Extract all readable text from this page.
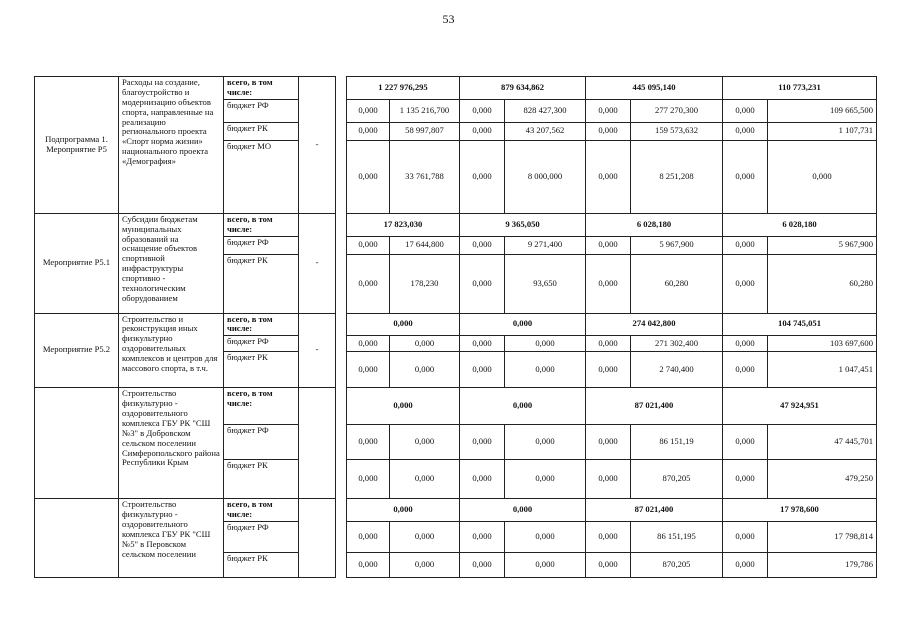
53
Подпрограмма 1. Мероприятие Р5	Расходы на создание, благоустройство и модернизацию объектов спорта, направленные на реализацию регионального проекта «Спорт норма жизни» национального проекта «Демография»	всего, в том числе:	-		1 227 976,295		879 634,862		445 095,140		110 773,231	
		бюджет РФ			0,000	1 135 216,700	0,000	828 427,300	0,000	277 270,300	0,000	109 665,500
		бюджет РК			0,000	58 997,807	0,000	43 207,562	0,000	159 573,632	0,000	1 107,731
		бюджет МО			0,000	33 761,788	0,000	8 000,000	0,000	8 251,208	0,000	0,000
Мероприятие Р5.1	Субсидии бюджетам муниципальных образований на оснащение объектов спортивной инфраструктуры спортивно - технологическим оборудованием	всего, в том числе:	-		17 823,030		9 365,050		6 028,180		6 028,180	
		бюджет РФ			0,000	17 644,800	0,000	9 271,400	0,000	5 967,900	0,000	5 967,900
		бюджет РК			0,000	178,230	0,000	93,650	0,000	60,280	0,000	60,280
Мероприятие Р5.2	Строительство и реконструкция иных физкультурно оздоровительных комплексов и центров для массового спорта, в т.ч.	всего, в том числе:	-		0,000		0,000		274 042,800		104 745,051	
		бюджет РФ			0,000	0,000	0,000	0,000	0,000	271 302,400	0,000	103 697,600
		бюджет РК			0,000	0,000	0,000	0,000	0,000	2 740,400	0,000	1 047,451
	Строительство физкультурно - оздоровительного комплекса ГБУ РК "СШ №3" в Добровском сельском поселении Симферопольского района Республики Крым	всего, в том числе:			0,000		0,000		87 021,400		47 924,951	
		бюджет РФ			0,000	0,000	0,000	0,000	0,000	86 151,19	0,000	47 445,701
		бюджет РК			0,000	0,000	0,000	0,000	0,000	870,205	0,000	479,250
	Строительство физкультурно - оздоровительного комплекса ГБУ РК "СШ №5" в Перовском сельском поселении	всего, в том числе:			0,000		0,000		87 021,400		17 978,600	
		бюджет РФ			0,000	0,000	0,000	0,000	0,000	86 151,195	0,000	17 798,814
		бюджет РК			0,000	0,000	0,000	0,000	0,000	870,205	0,000	179,786
